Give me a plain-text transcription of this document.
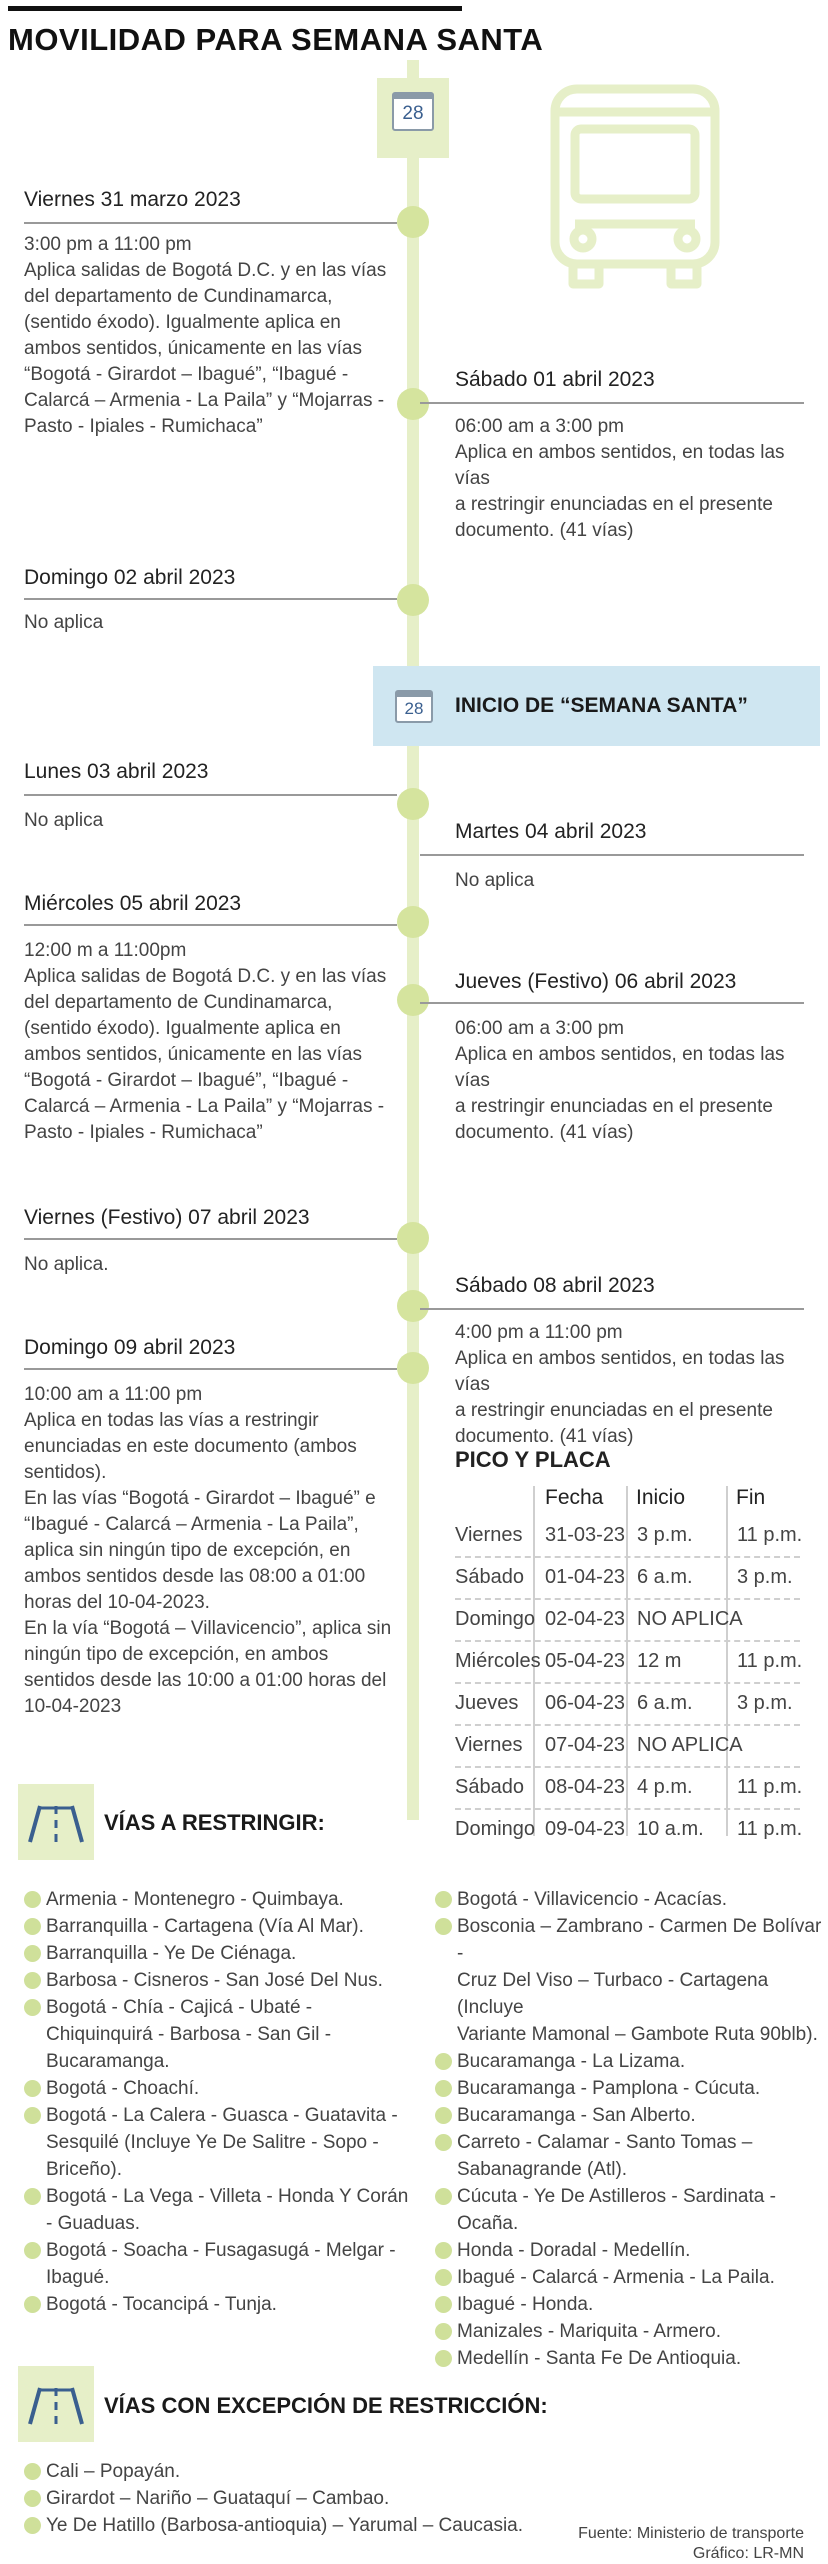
MOVILIDAD PARA SEMANA SANTA
28
Viernes 31 marzo 2023
3:00 pm a 11:00 pm
Aplica salidas de Bogotá D.C. y en las vías
del departamento de Cundinamarca,
(sentido éxodo). Igualmente aplica en
ambos sentidos, únicamente en las vías
“Bogotá - Girardot – Ibagué”, “Ibagué -
Calarcá – Armenia - La Paila” y “Mojarras -
Pasto - Ipiales - Rumichaca”
Domingo 02 abril 2023
No aplica
Lunes 03 abril 2023
No aplica
Miércoles 05 abril 2023
12:00 m a 11:00pm
Aplica salidas de Bogotá D.C. y en las vías
del departamento de Cundinamarca,
(sentido éxodo). Igualmente aplica en
ambos sentidos, únicamente en las vías
“Bogotá - Girardot – Ibagué”, “Ibagué -
Calarcá – Armenia - La Paila” y “Mojarras -
Pasto - Ipiales - Rumichaca”
Viernes (Festivo) 07 abril 2023
No aplica.
Domingo 09 abril 2023
10:00 am a 11:00 pm
Aplica en todas las vías a restringir
enunciadas en este documento (ambos
sentidos).
En las vías “Bogotá - Girardot – Ibagué” e
“Ibagué - Calarcá – Armenia - La Paila”,
aplica sin ningún tipo de excepción, en
ambos sentidos desde las 08:00 a 01:00
horas del 10-04-2023.
En la vía “Bogotá – Villavicencio”, aplica sin
ningún tipo de excepción, en ambos
sentidos desde las 10:00 a 01:00 horas del
10-04-2023
Sábado 01 abril 2023
06:00 am a 3:00 pm
Aplica en ambos sentidos, en todas las vías
a restringir enunciadas en el presente
documento. (41 vías)
28	INICIO DE “SEMANA SANTA”
Martes 04 abril 2023
No aplica
Jueves (Festivo) 06 abril 2023
06:00 am a 3:00 pm
Aplica en ambos sentidos, en todas las vías
a restringir enunciadas en el presente
documento. (41 vías)
Sábado 08 abril 2023
4:00 pm a 11:00 pm
Aplica en ambos sentidos, en todas las vías
a restringir enunciadas en el presente
documento. (41 vías)
PICO Y PLACA
Fecha Inicio Fin
Viernes 31-03-23 3 p.m. 11 p.m.
Sábado 01-04-23 6 a.m. 3 p.m.
Domingo 02-04-23 NO APLICA
Miércoles 05-04-23 12 m	11 p.m.
Jueves 06-04-23 6 a.m. 3 p.m.
Viernes 07-04-23 NO APLICA
Sábado 08-04-23 4 p.m. 11 p.m.
Domingo 09-04-23 10 a.m. 11 p.m.
VÍAS A RESTRINGIR:
Armenia - Montenegro - Quimbaya.
Barranquilla - Cartagena (Vía Al Mar).
Barranquilla - Ye De Ciénaga.
Barbosa - Cisneros - San José Del Nus.
Bogotá - Chía - Cajicá - Ubaté -
Chiquinquirá - Barbosa - San Gil -
Bucaramanga.
Bogotá - Choachí.
Bogotá - La Calera - Guasca - Guatavita -
Sesquilé (Incluye Ye De Salitre - Sopo -
Briceño).
Bogotá - La Vega - Villeta - Honda Y Corán
- Guaduas.
Bogotá - Soacha - Fusagasugá - Melgar -
Ibagué.
Bogotá - Tocancipá - Tunja.
Bogotá - Villavicencio - Acacías.
Bosconia – Zambrano - Carmen De Bolívar -
Cruz Del Viso – Turbaco - Cartagena (Incluye
Variante Mamonal – Gambote Ruta 90blb).
Bucaramanga - La Lizama.
Bucaramanga - Pamplona - Cúcuta.
Bucaramanga - San Alberto.
Carreto - Calamar - Santo Tomas –
Sabanagrande (Atl).
Cúcuta - Ye De Astilleros - Sardinata - Ocaña.
Honda - Doradal - Medellín.
Ibagué - Calarcá - Armenia - La Paila.
Ibagué - Honda.
Manizales - Mariquita - Armero.
Medellín - Santa Fe De Antioquia.
VÍAS CON EXCEPCIÓN DE RESTRICCIÓN:
Cali – Popayán.
Girardot – Nariño – Guataquí – Cambao.
Ye De Hatillo (Barbosa-antioquia) – Yarumal – Caucasia.	Fuente: Ministerio de transporte
Gráfico: LR-MN
